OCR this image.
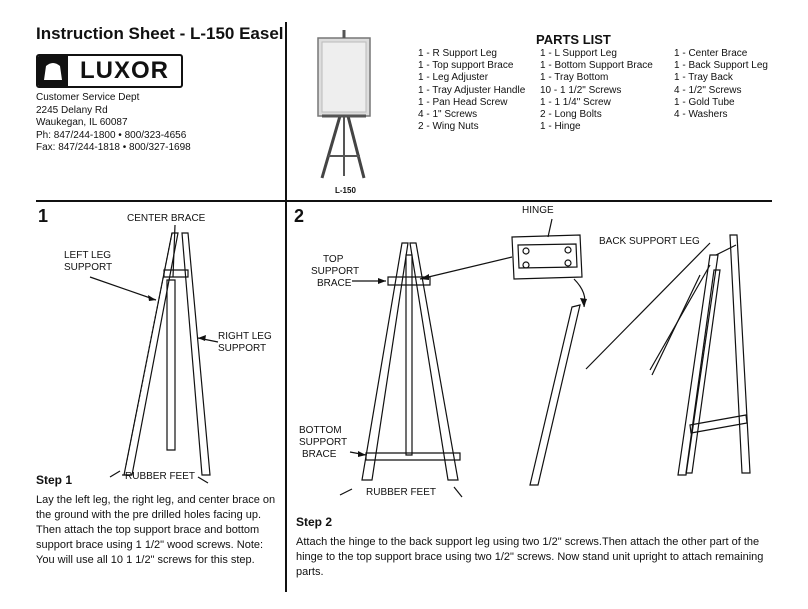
Instruction Sheet - L-150 Easel
LUXOR
Customer Service Dept
2245 Delany Rd
Waukegan, IL 60087
Ph: 847/244-1800 • 800/323-4656
Fax: 847/244-1818 • 800/327-1698
L-150
PARTS LIST
1 - R Support Leg	1 - L Support Leg	1 - Center Brace
1 - Top support Brace	1 - Bottom Support Brace	1 - Back Support Leg
1 - Leg Adjuster	1 - Tray Bottom	1 - Tray Back
1 - Tray Adjuster Handle	10 - 1 1/2" Screws	4 - 1/2" Screws
1 - Pan Head Screw	1 - 1 1/4" Screw	1 - Gold Tube
4 - 1" Screws	2 - Long Bolts	4 - Washers
2 - Wing Nuts	1 - Hinge
1	CENTER BRACE
LEFT LEG
SUPPORT
RIGHT LEG
SUPPORT
RUBBER FEET
Step 1
Lay the left leg, the right leg, and center brace on the ground with the pre drilled holes facing up. Then attach the top support brace and bottom support brace using 1 1/2" wood screws. Note: You will use all 10 1 1/2" screws for this step.
2	HINGE
BACK SUPPORT LEG
TOP
SUPPORT
BRACE
BOTTOM
SUPPORT
BRACE
RUBBER FEET
Step 2
Attach the hinge to the back support leg using two 1/2" screws.Then attach the other part of the hinge to the top support brace using two 1/2" screws. Now stand unit upright to attach remaining parts.
